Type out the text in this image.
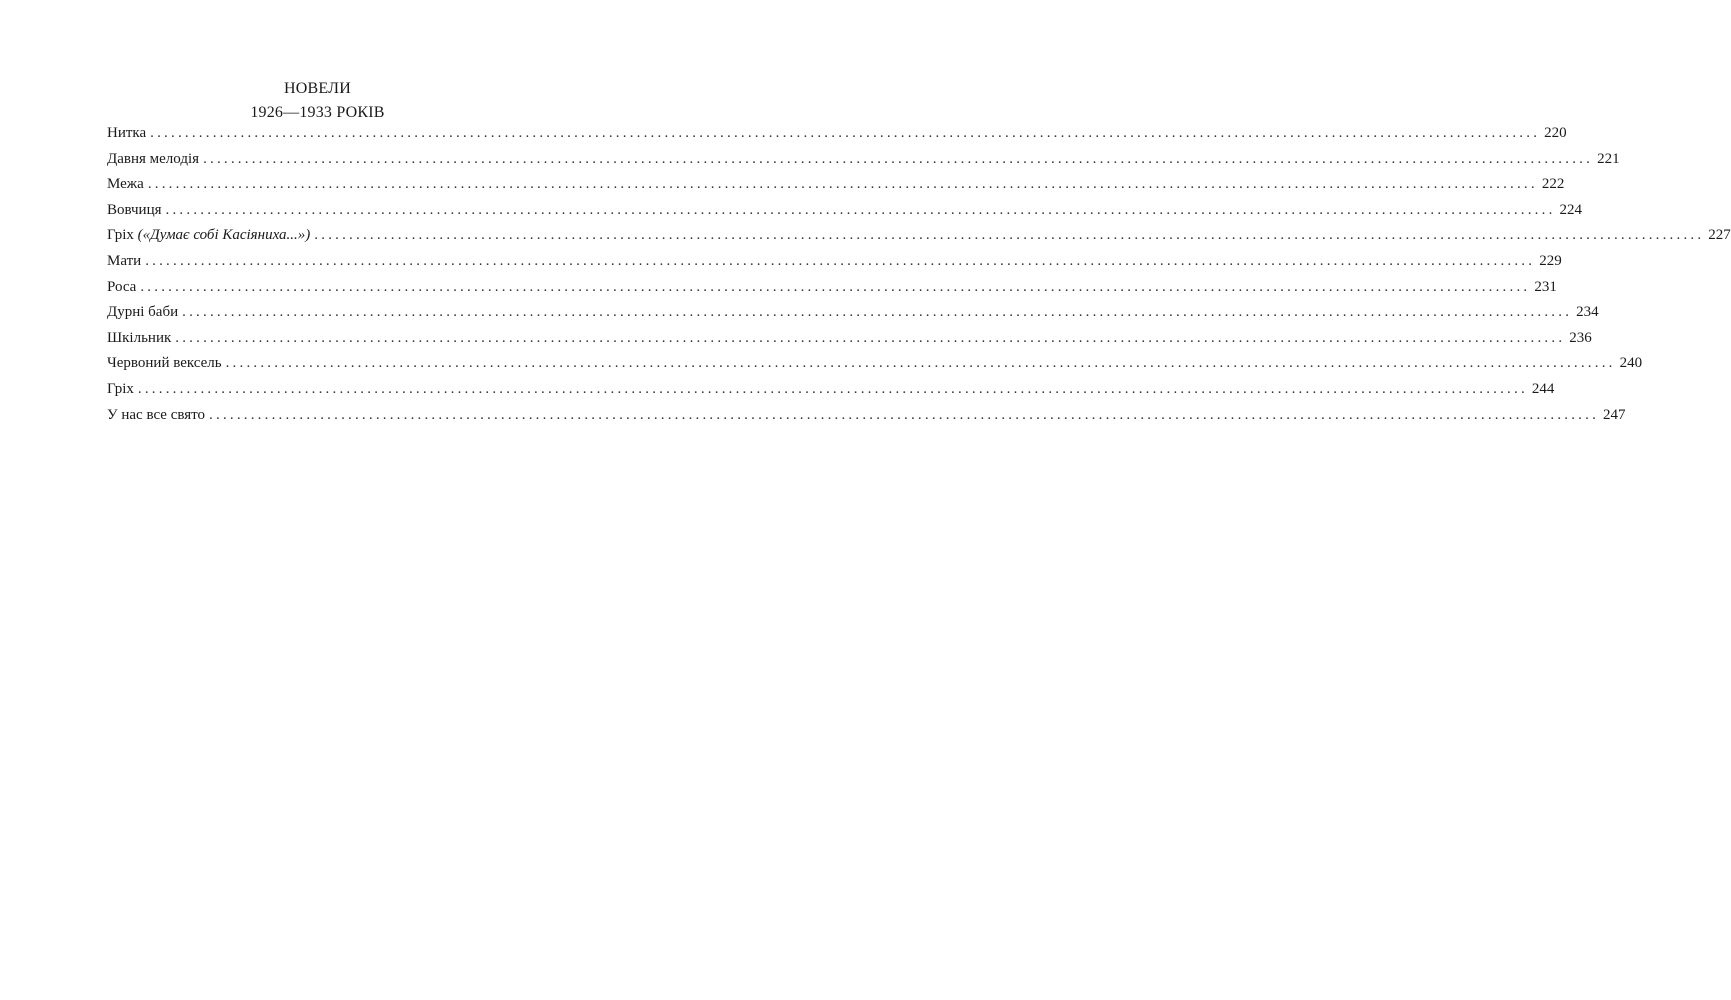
НОВЕЛИ
1926—1933 РОКІВ
Нитка ........................................................................................................................................................................................................ 220
Давня мелодія ........................................................................................................................................................................................................ 221
Межа ........................................................................................................................................................................................................ 222
Вовчиця ........................................................................................................................................................................................................ 224
Гріх («Думає собі Касіяниха...») ........................................................................................................................................................................................................ 227
Мати ........................................................................................................................................................................................................ 229
Роса ........................................................................................................................................................................................................ 231
Дурні баби ........................................................................................................................................................................................................ 234
Шкільник ........................................................................................................................................................................................................ 236
Червоний вексель ........................................................................................................................................................................................................ 240
Гріх ........................................................................................................................................................................................................ 244
У нас все свято ........................................................................................................................................................................................................ 247
